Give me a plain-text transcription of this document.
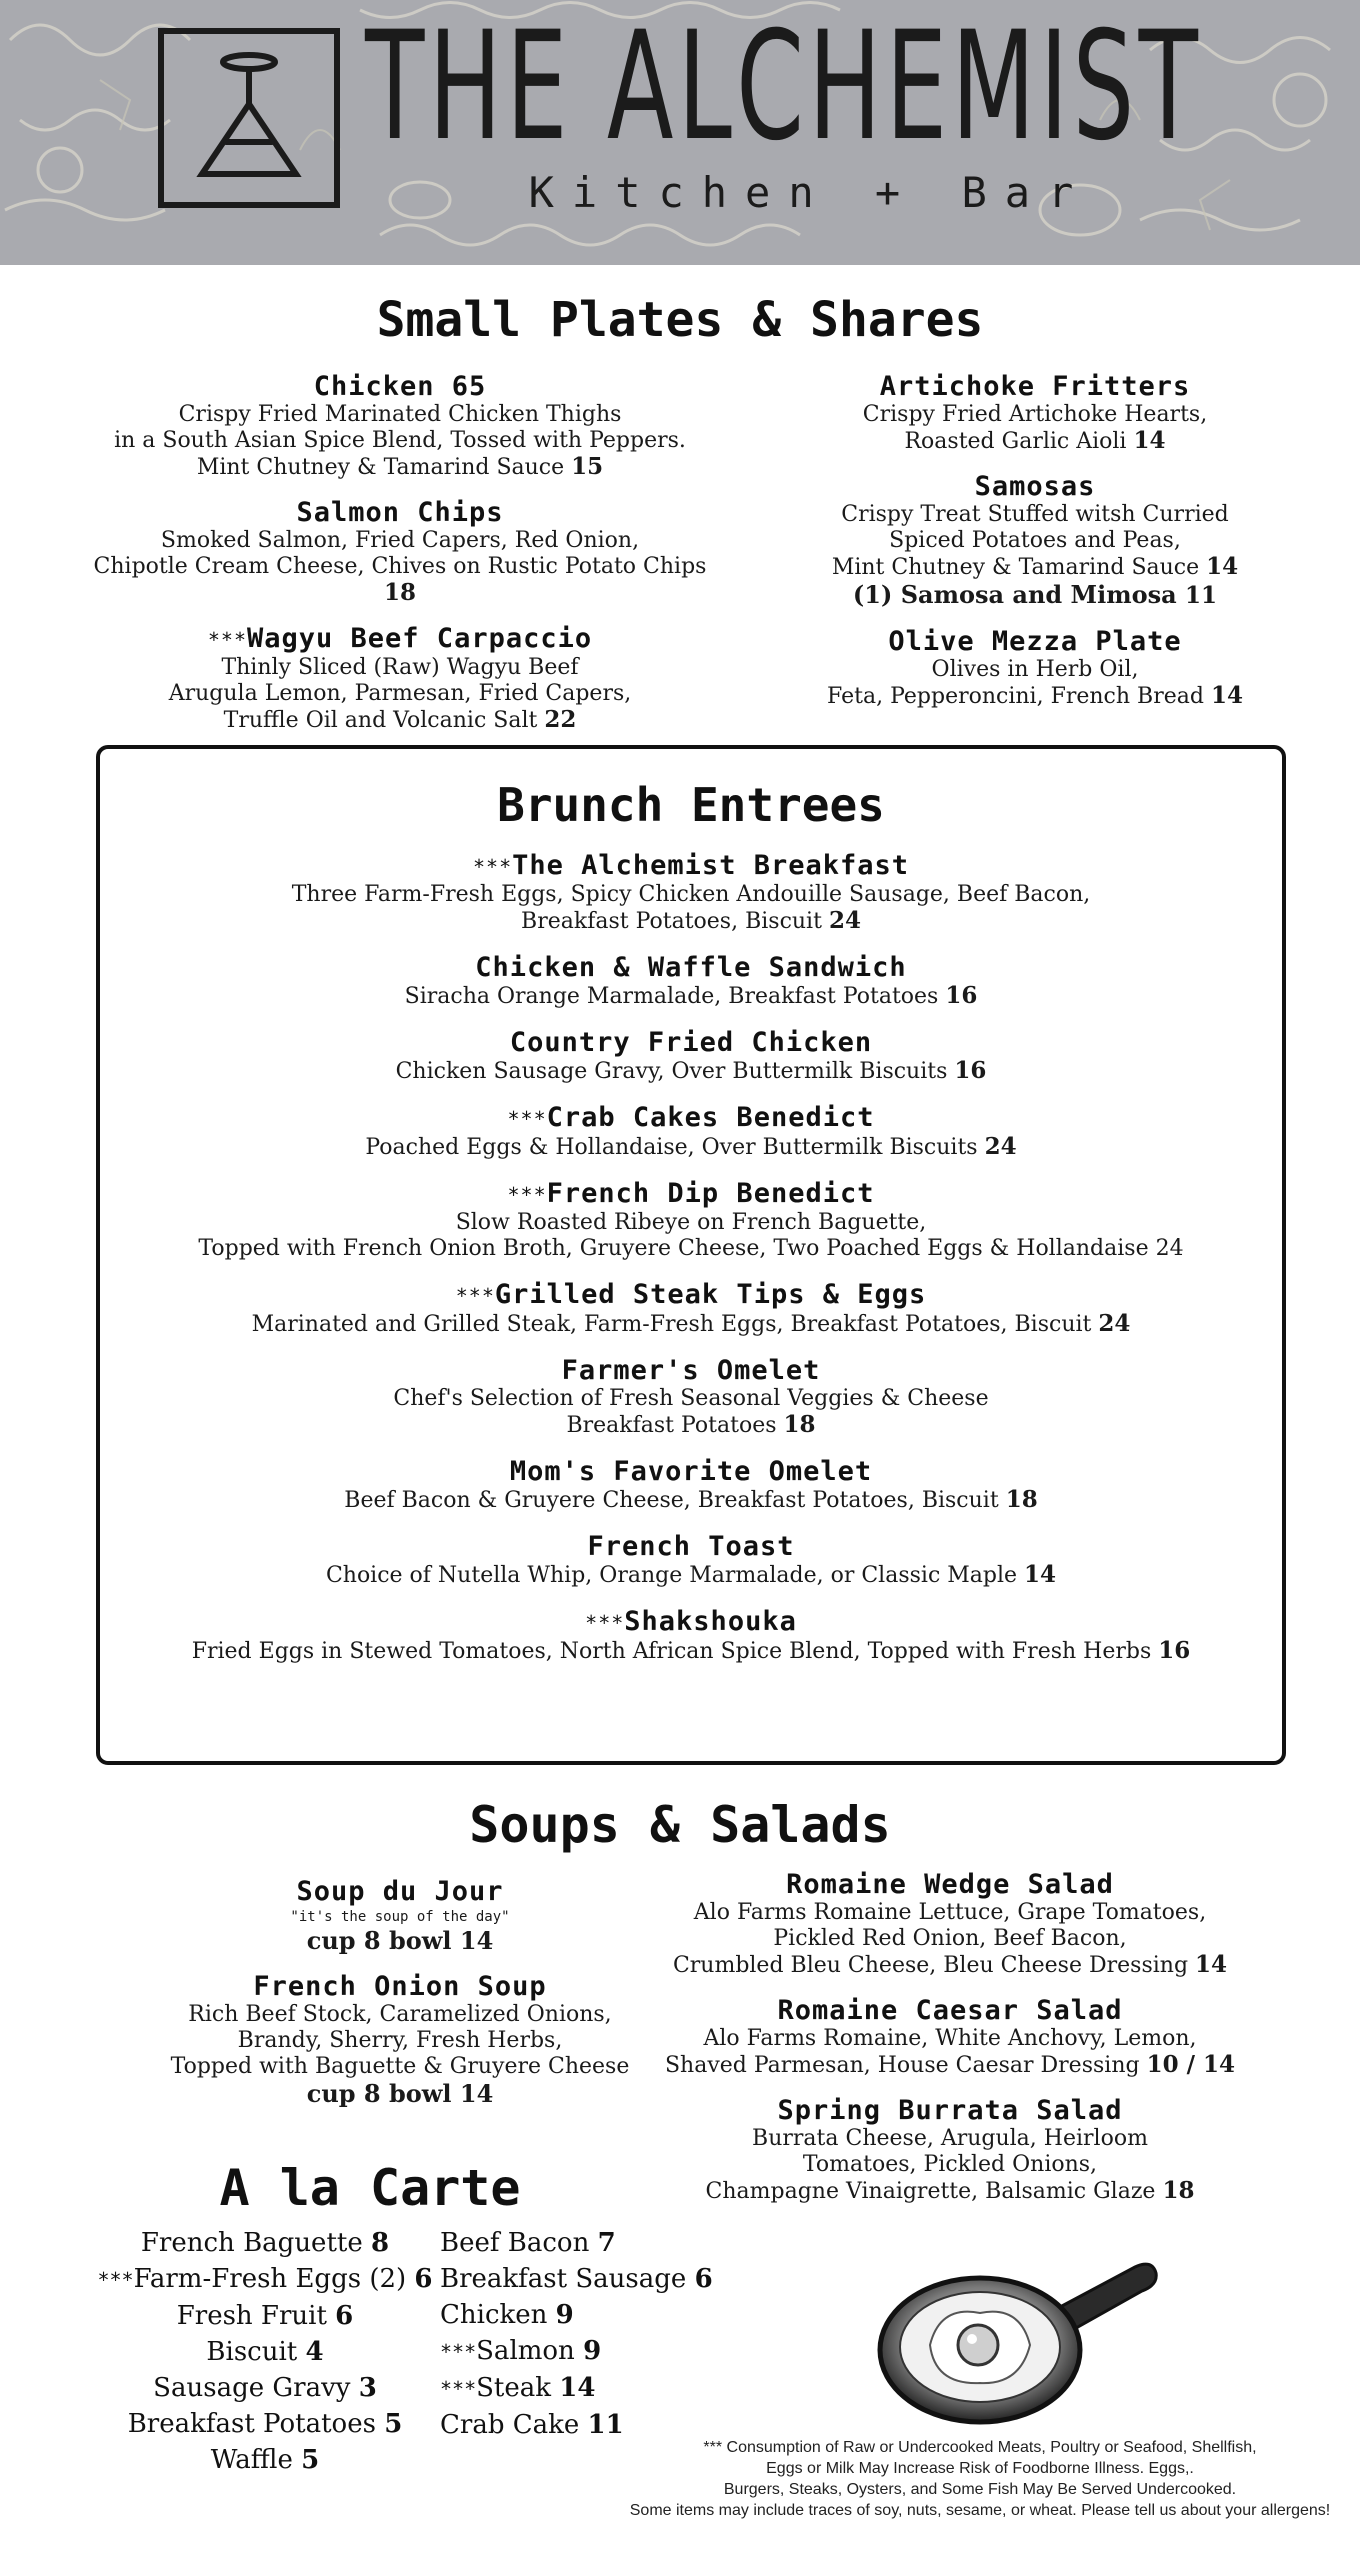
THE ALCHEMIST
Kitchen + Bar
Small Plates & Shares
Chicken 65
Crispy Fried Marinated Chicken Thighs
in a South Asian Spice Blend, Tossed with Peppers.
Mint Chutney & Tamarind Sauce 15
Salmon Chips
Smoked Salmon, Fried Capers, Red Onion,
Chipotle Cream Cheese, Chives on Rustic Potato Chips 18
***Wagyu Beef Carpaccio
Thinly Sliced (Raw) Wagyu Beef
Arugula Lemon, Parmesan, Fried Capers,
Truffle Oil and Volcanic Salt 22
Artichoke Fritters
Crispy Fried Artichoke Hearts,
Roasted Garlic Aioli 14
Samosas
Crispy Treat Stuffed witsh Curried
Spiced Potatoes and Peas,
Mint Chutney & Tamarind Sauce 14
(1) Samosa and Mimosa 11
Olive Mezza Plate
Olives in Herb Oil,
Feta, Pepperoncini, French Bread 14
Brunch Entrees
***The Alchemist Breakfast
Three Farm-Fresh Eggs, Spicy Chicken Andouille Sausage, Beef Bacon,
Breakfast Potatoes, Biscuit 24
Chicken & Waffle Sandwich
Siracha Orange Marmalade, Breakfast Potatoes 16
Country Fried Chicken
Chicken Sausage Gravy, Over Buttermilk Biscuits 16
***Crab Cakes Benedict
Poached Eggs & Hollandaise, Over Buttermilk Biscuits 24
***French Dip Benedict
Slow Roasted Ribeye on French Baguette,
Topped with French Onion Broth, Gruyere Cheese, Two Poached Eggs & Hollandaise 24
***Grilled Steak Tips & Eggs
Marinated and Grilled Steak, Farm-Fresh Eggs, Breakfast Potatoes, Biscuit 24
Farmer's Omelet
Chef's Selection of Fresh Seasonal Veggies & Cheese
Breakfast Potatoes 18
Mom's Favorite Omelet
Beef Bacon & Gruyere Cheese, Breakfast Potatoes, Biscuit 18
French Toast
Choice of Nutella Whip, Orange Marmalade, or Classic Maple 14
***Shakshouka
Fried Eggs in Stewed Tomatoes, North African Spice Blend, Topped with Fresh Herbs 16
Soups & Salads
Soup du Jour
"it's the soup of the day"
cup 8 bowl 14
French Onion Soup
Rich Beef Stock, Caramelized Onions,
Brandy, Sherry, Fresh Herbs,
Topped with Baguette & Gruyere Cheese
cup 8 bowl 14
Romaine Wedge Salad
Alo Farms Romaine Lettuce, Grape Tomatoes,
Pickled Red Onion, Beef Bacon,
Crumbled Bleu Cheese, Bleu Cheese Dressing 14
Romaine Caesar Salad
Alo Farms Romaine, White Anchovy, Lemon,
Shaved Parmesan, House Caesar Dressing 10 / 14
Spring Burrata Salad
Burrata Cheese, Arugula, Heirloom
Tomatoes, Pickled Onions,
Champagne Vinaigrette, Balsamic Glaze 18
A la Carte
French Baguette 8
***Farm-Fresh Eggs (2) 6
Fresh Fruit 6
Biscuit 4
Sausage Gravy 3
Breakfast Potatoes 5
Waffle 5
Beef Bacon 7
Breakfast Sausage 6
Chicken 9
***Salmon 9
***Steak 14
Crab Cake 11
*** Consumption of Raw or Undercooked Meats, Poultry or Seafood, Shellfish,
Eggs or Milk May Increase Risk of Foodborne Illness. Eggs,.
Burgers, Steaks, Oysters, and Some Fish May Be Served Undercooked.
Some items may include traces of soy, nuts, sesame, or wheat. Please tell us about your allergens!
